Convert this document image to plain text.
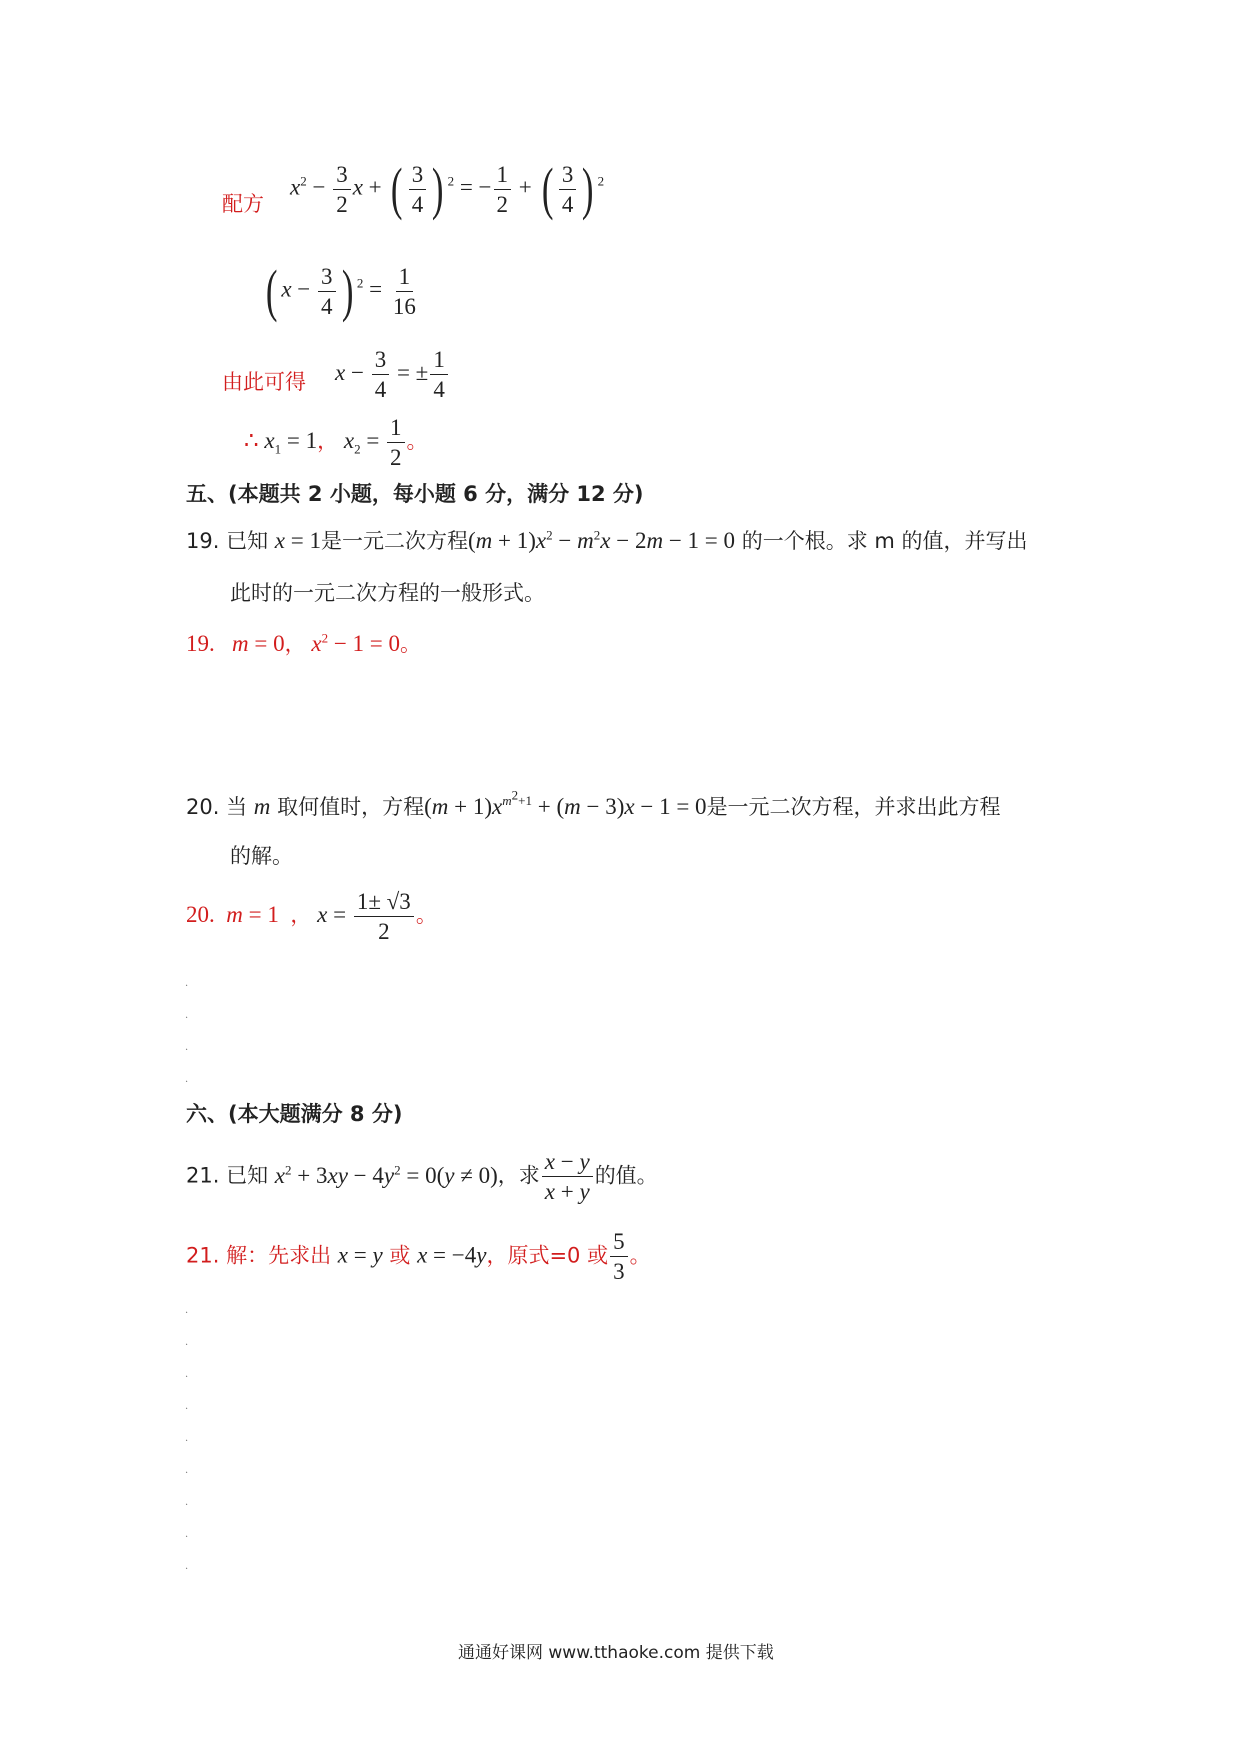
配方
$x^2 - \frac{3}{2}$ x + ( $\frac{3}{4}$ ) $^2$ = − $\frac{1}{2}$ + ( $\frac{3}{4}$ ) $^2$
( $x - \frac{3}{4}$ ) $^2 = \frac{1}{16}$
由此可得 $x - \frac{3}{4}$ = ± $\frac{1}{4}$
∴ $x_1 = 1$， $x_2 = \frac{1}{2}$ 。
五、(本题共 2 小题，每小题 6 分，满分 12 分)
19. 已知 x = 1是一元二次方程$(m + 1)x^2 - m^2x - 2m - 1 = 0$ 的一个根。求 m 的值，并写出
此时的一元二次方程的一般形式。
19. m = 0， $x^2 - 1 = 0$。
20. 当 m 取何值时，方程$(m + 1)x^{m^2+1} + (m - 3)x - 1 = 0$是一元二次方程，并求出此方程
的解。
20. m = 1  ， $x = \frac{1\pm √3}{2}$ 。
.
.
.
.
六、(本大题满分 8 分)
21. 已知 $x^2 + 3xy - 4y^2 = 0(y \ne 0)$，求 $\frac{x - y}{x + y}$ 的值。
21. 解：先求出 x = y 或 x = −4y，原式=0 或 $\frac{5}{3}$ 。
.
.
.
.
.
.
.
.
.
通通好课网 www.tthaoke.com 提供下载
